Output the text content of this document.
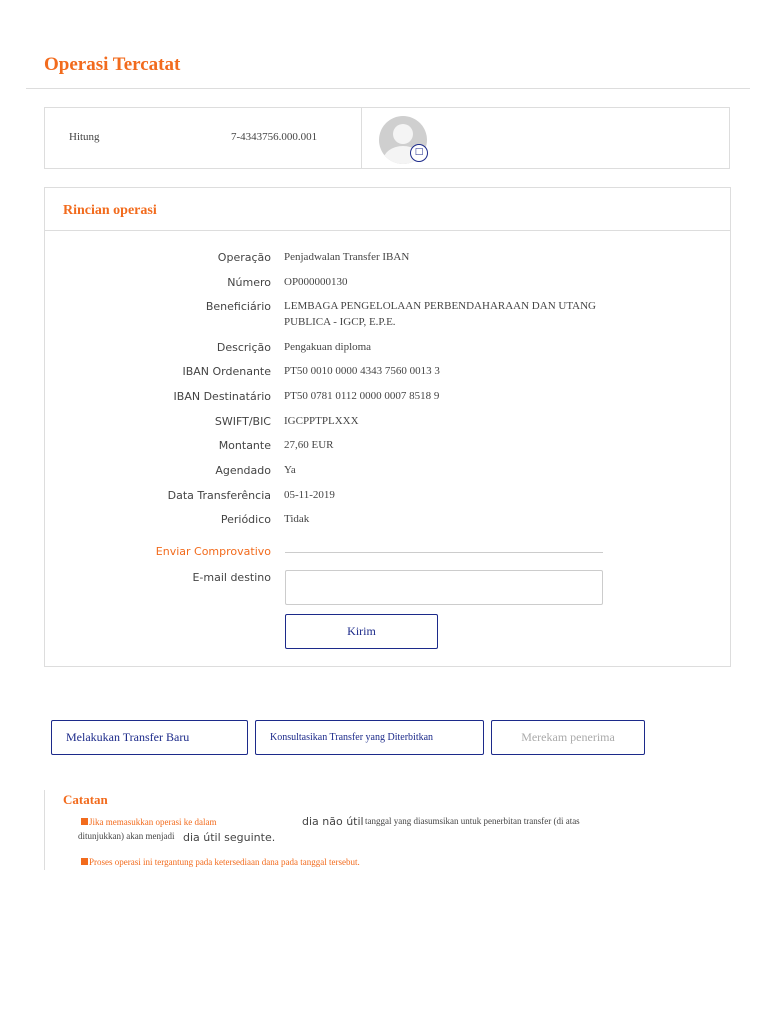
Operasi Tercatat
Hitung	7-4343756.000.001
□
Rincian operasi
Operação Penjadwalan Transfer IBAN
Número OP000000130
Beneficiário LEMBAGA PENGELOLAAN PERBENDAHARAAN DAN UTANG PUBLICA - IGCP, E.P.E.
Descrição Pengakuan diploma
IBAN Ordenante PT50 0010 0000 4343 7560 0013 3
IBAN Destinatário PT50 0781 0112 0000 0007 8518 9
SWIFT/BIC IGCPPTPLXXX
Montante 27,60 EUR
Agendado Ya
Data Transferência 05-11-2019
Periódico Tidak
Enviar Comprovativo
E-mail destino
Kirim
Melakukan Transfer Baru	Konsultasikan Transfer yang Diterbitkan	Merekam penerima
Catatan
Jika memasukkan operasi ke dalam	dia não útil tanggal yang diasumsikan untuk penerbitan transfer (di atas
ditunjukkan) akan menjadi dia útil seguinte.
Proses operasi ini tergantung pada ketersediaan dana pada tanggal tersebut.
